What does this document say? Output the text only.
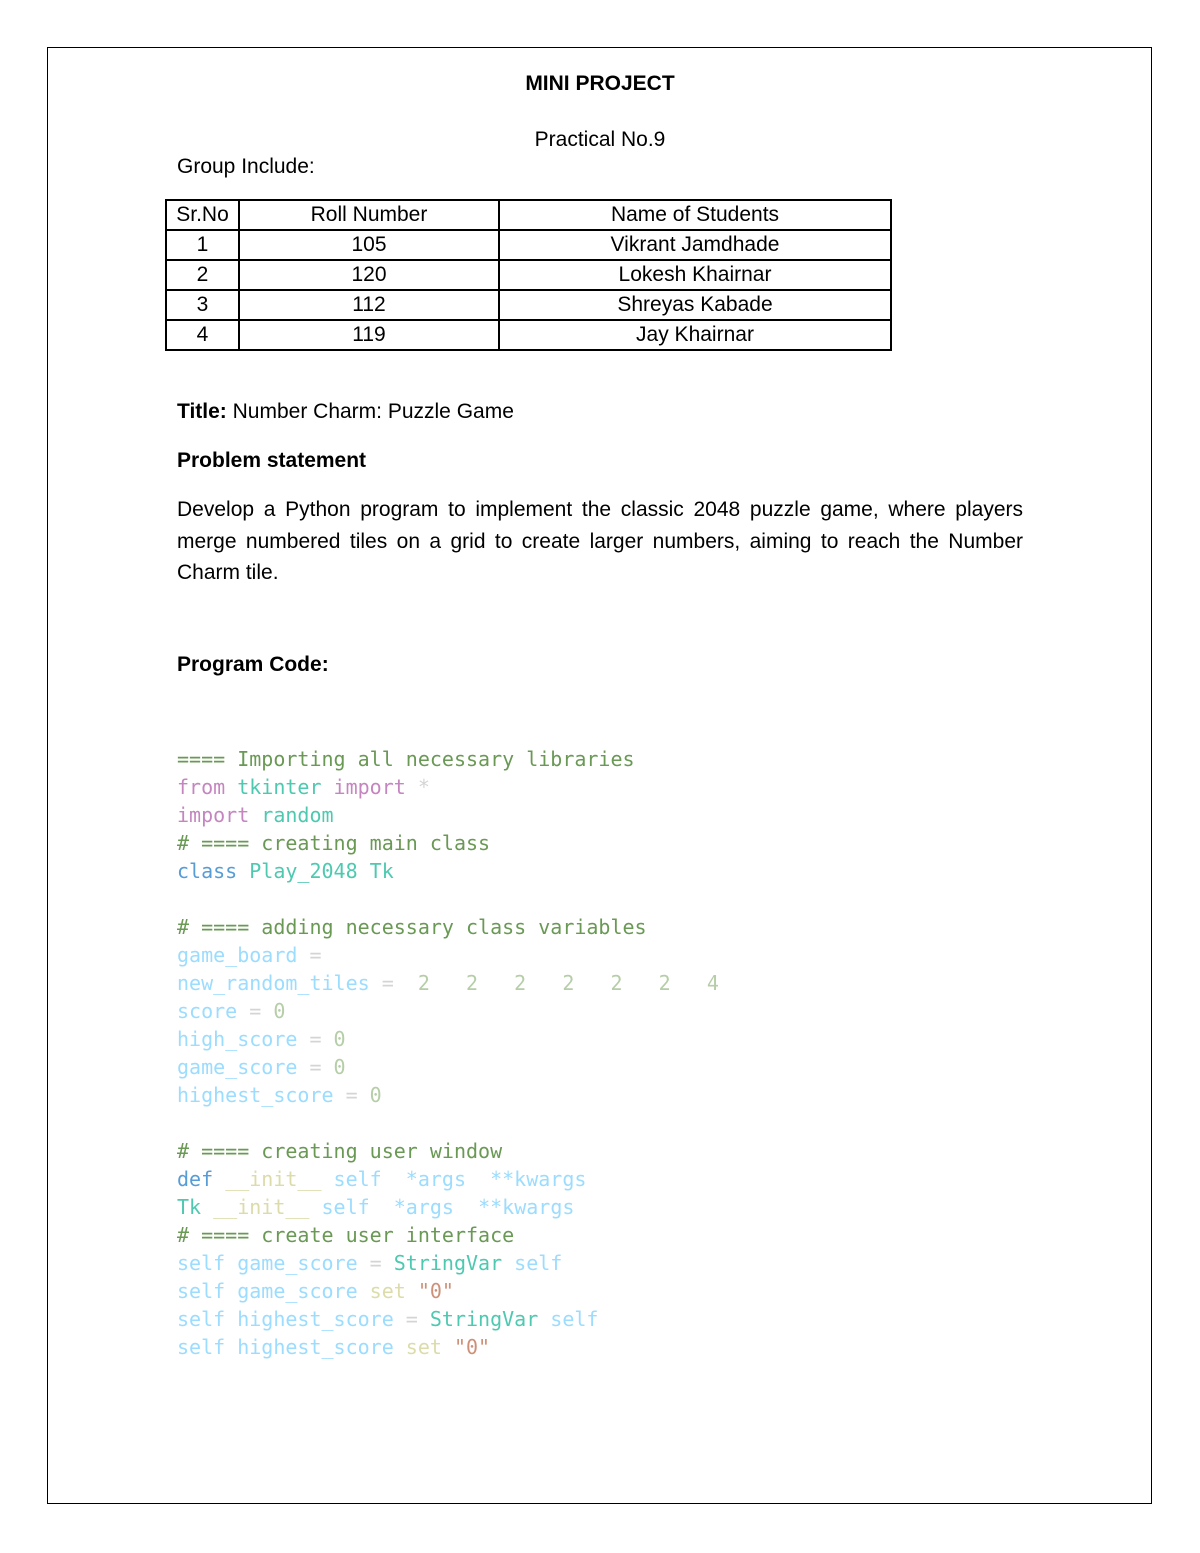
MINI PROJECT
Practical No.9
Group Include:
Sr.No	Roll Number	Name of Students
1	105	Vikrant Jamdhade
2	120	Lokesh Khairnar
3	112	Shreyas Kabade
4	119	Jay Khairnar
Title: Number Charm: Puzzle Game
Problem statement
Develop a Python program to implement the classic 2048 puzzle game, where players merge numbered tiles on a grid to create larger numbers, aiming to reach the Number Charm tile.
Program Code:
==== Importing all necessary libraries
from tkinter import *
import random
# ==== creating main class
class Play_2048 Tk
# ==== adding necessary class variables
game_board =
new_random_tiles =  2   2   2   2   2   2   4
score = 0
high_score = 0
game_score = 0
highest_score = 0
# ==== creating user window
def __init__ self  *args  **kwargs
Tk __init__ self  *args  **kwargs
# ==== create user interface
self game_score = StringVar self
self game_score set "0"
self highest_score = StringVar self
self highest_score set "0"
